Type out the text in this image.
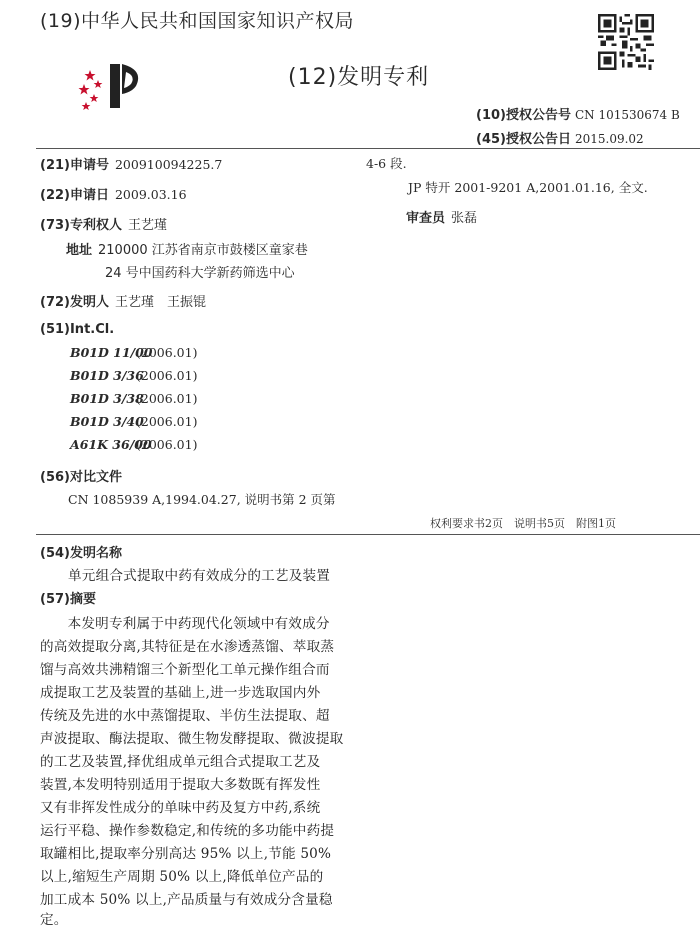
(19)中华人民共和国国家知识产权局
(12)发明专利
(10)授权公告号 CN 101530674 B
(45)授权公告日 2015.09.02
(21)申请号 200910094225.7
(22)申请日 2009.03.16
(73)专利权人 王艺瑾
地址 210000 江苏省南京市鼓楼区童家巷
24 号中国药科大学新药筛选中心
(72)发明人 王艺瑾　王振锟
(51)Int.Cl.
B01D 11/00(2006.01)
B01D 3/36(2006.01)
B01D 3/38(2006.01)
B01D 3/40(2006.01)
A61K 36/00(2006.01)
(56)对比文件
CN 1085939 A,1994.04.27, 说明书第 2 页第
4-6 段.
JP 特开 2001-9201 A,2001.01.16, 全文.
审查员 张磊
权利要求书2页　说明书5页　附图1页
(54)发明名称
单元组合式提取中药有效成分的工艺及装置
(57)摘要
　　本发明专利属于中药现代化领域中有效成分
的高效提取分离,其特征是在水渗透蒸馏、萃取蒸
馏与高效共沸精馏三个新型化工单元操作组合而
成提取工艺及装置的基础上,进一步选取国内外
传统及先进的水中蒸馏提取、半仿生法提取、超
声波提取、酶法提取、微生物发酵提取、微波提取
的工艺及装置,择优组成单元组合式提取工艺及
装置,本发明特别适用于提取大多数既有挥发性
又有非挥发性成分的单味中药及复方中药,系统
运行平稳、操作参数稳定,和传统的多功能中药提
取罐相比,提取率分别高达 95% 以上,节能 50%
以上,缩短生产周期 50% 以上,降低单位产品的
加工成本 50% 以上,产品质量与有效成分含量稳
定。
